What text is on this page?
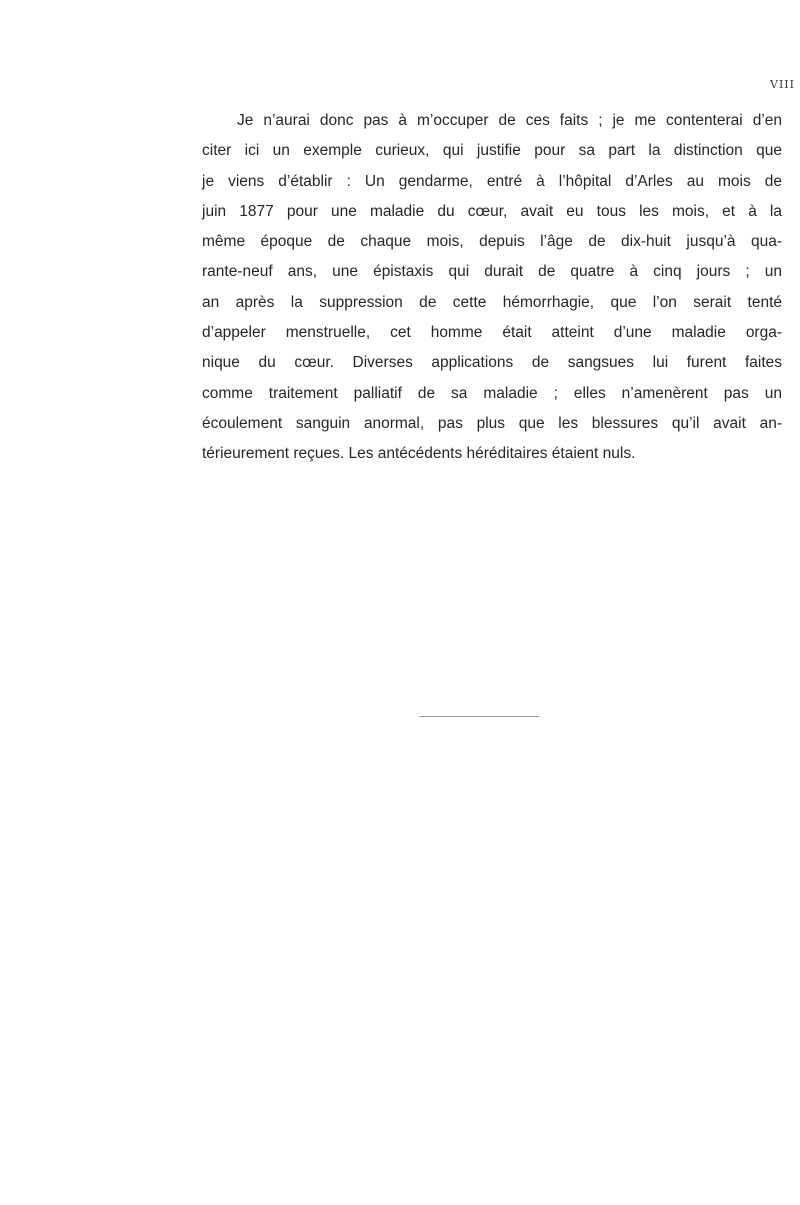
VIII

Je n’aurai donc pas à m’occuper de ces faits ; je me contenterai d’en
citer ici un exemple curieux, qui justifie pour sa part la distinction que
je viens d’établir : Un gendarme, entré à l’hôpital d’Arles au mois de
juin 1877 pour une maladie du cœur, avait eu tous les mois, et à la
même époque de chaque mois, depuis l’âge de dix-huit jusqu’à qua-
rante-neuf ans, une épistaxis qui durait de quatre à cinq jours ; un
an après la suppression de cette hémorrhagie, que l’on serait tenté
d’appeler menstruelle, cet homme était atteint d’une maladie orga-
nique du cœur. Diverses applications de sangsues lui furent faites
comme traitement palliatif de sa maladie ; elles n’amenèrent pas un
écoulement sanguin anormal, pas plus que les blessures qu’il avait an-
térieurement reçues. Les antécédents héréditaires étaient nuls.
